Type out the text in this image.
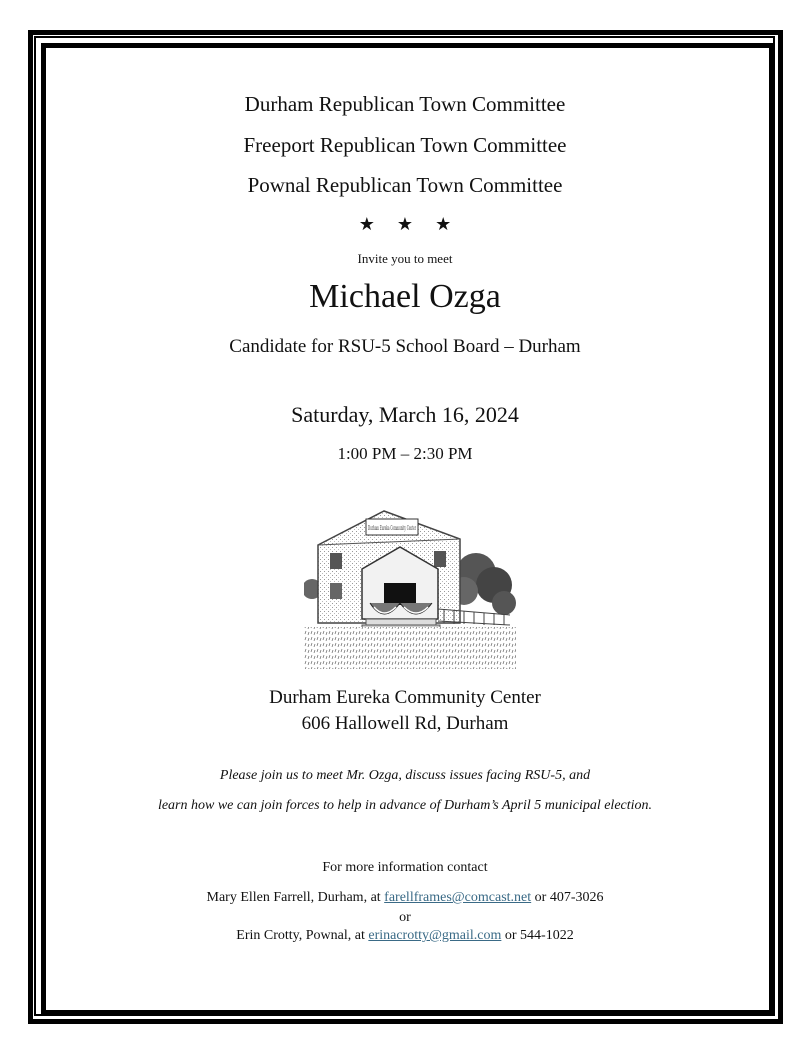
Durham Republican Town Committee
Freeport Republican Town Committee
Pownal Republican Town Committee
★ ★ ★
Invite you to meet
Michael Ozga
Candidate for RSU-5 School Board – Durham
Saturday, March 16, 2024
1:00 PM – 2:30 PM
Durham Eureka Community Center
Durham Eureka Community Center
606 Hallowell Rd, Durham
Please join us to meet Mr. Ozga, discuss issues facing RSU-5, and
learn how we can join forces to help in advance of Durham’s April 5 municipal election.
For more information contact
Mary Ellen Farrell, Durham, at farellframes@comcast.net or 407-3026
or
Erin Crotty, Pownal, at erinacrotty@gmail.com or 544-1022
